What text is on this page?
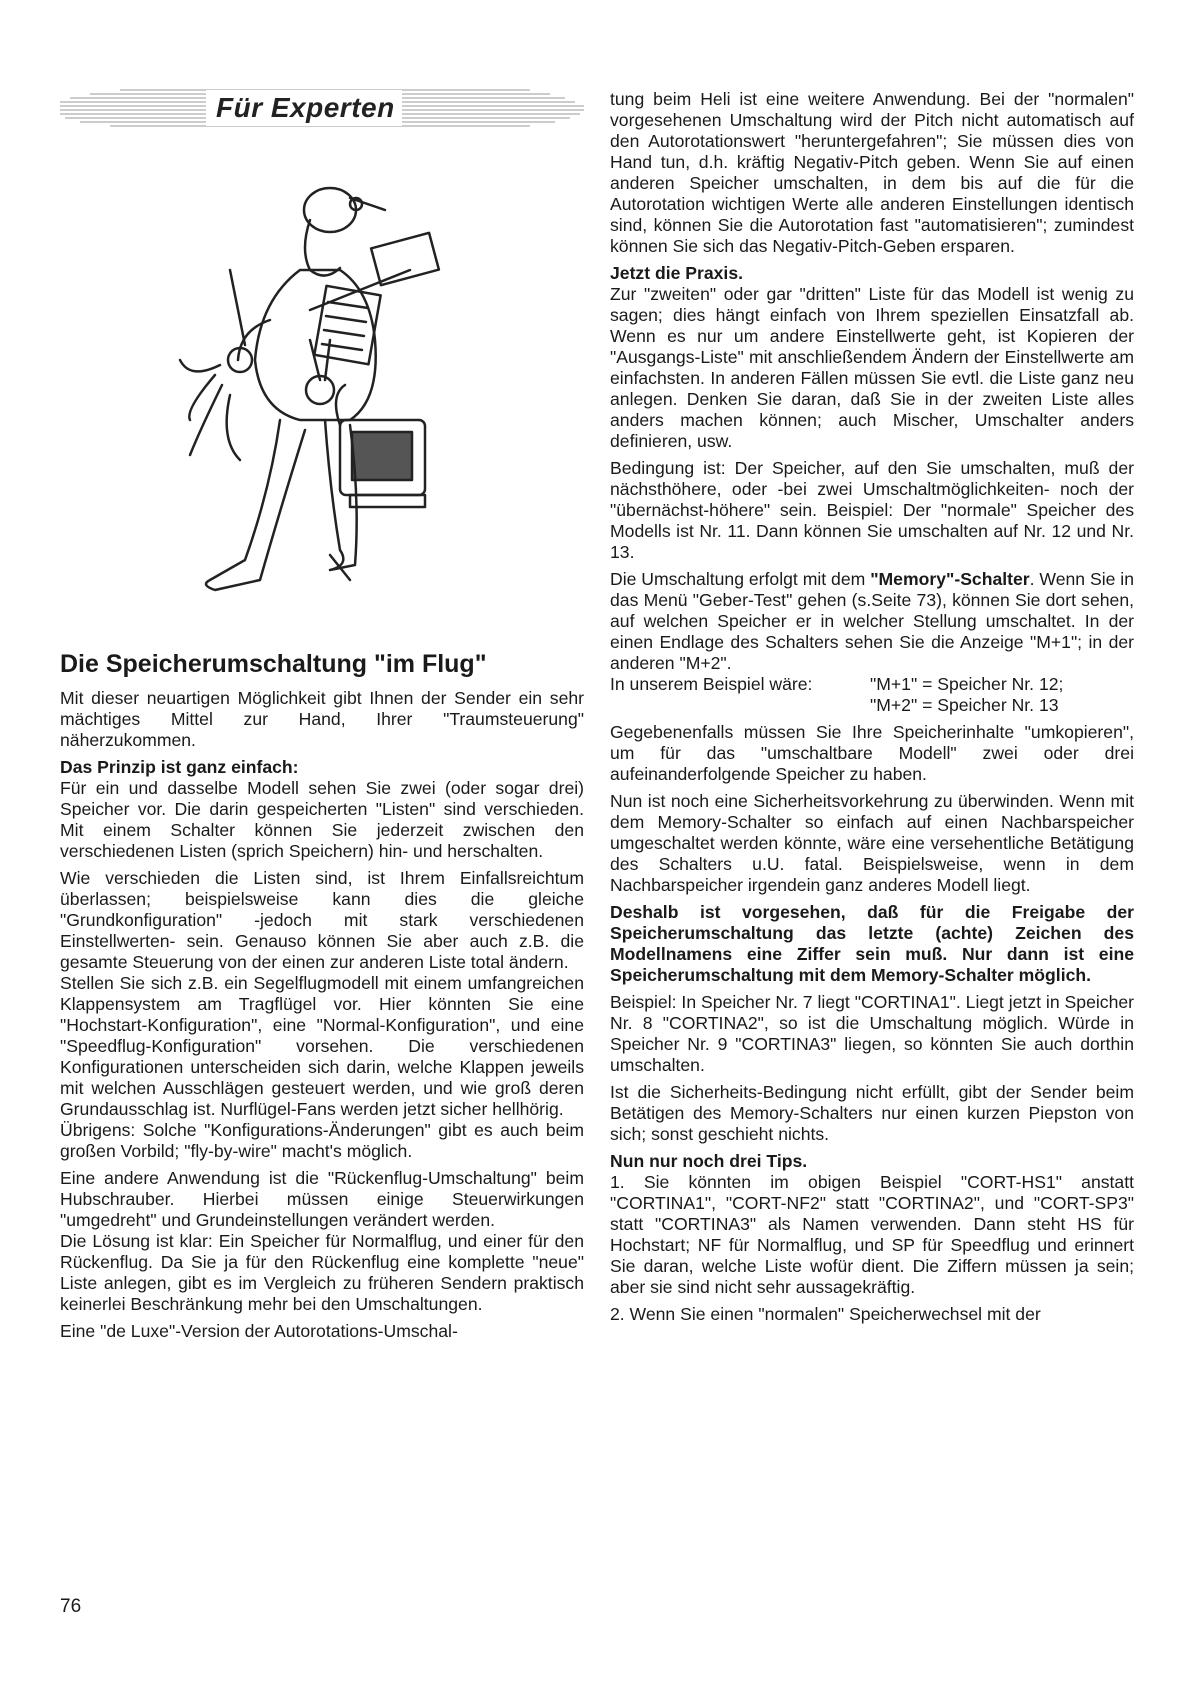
Für Experten
Die Speicherumschaltung "im Flug"

Mit dieser neuartigen Möglichkeit gibt Ihnen der Sender ein sehr mächtiges Mittel zur Hand, Ihrer "Traumsteuerung" näherzukommen.

Das Prinzip ist ganz einfach:

Für ein und dasselbe Modell sehen Sie zwei (oder sogar drei) Speicher vor. Die darin gespeicherten "Listen" sind verschieden. Mit einem Schalter können Sie jederzeit zwischen den verschiedenen Listen (sprich Speichern) hin- und herschalten.

Wie verschieden die Listen sind, ist Ihrem Einfallsreichtum überlassen; beispielsweise kann dies die gleiche "Grundkonfiguration" -jedoch mit stark verschiedenen Einstellwerten- sein. Genauso können Sie aber auch z.B. die gesamte Steuerung von der einen zur anderen Liste total ändern.

Stellen Sie sich z.B. ein Segelflugmodell mit einem umfangreichen Klappensystem am Tragflügel vor. Hier könnten Sie eine "Hochstart-Konfiguration", eine "Normal-Konfiguration", und eine "Speedflug-Konfiguration" vorsehen. Die verschiedenen Konfigurationen unterscheiden sich darin, welche Klappen jeweils mit welchen Ausschlägen gesteuert werden, und wie groß deren Grundausschlag ist. Nurflügel-Fans werden jetzt sicher hellhörig.

Übrigens: Solche "Konfigurations-Änderungen" gibt es auch beim großen Vorbild; "fly-by-wire" macht's möglich.

Eine andere Anwendung ist die "Rückenflug-Umschaltung" beim Hubschrauber. Hierbei müssen einige Steuerwirkungen "umgedreht" und Grundeinstellungen verändert werden.

Die Lösung ist klar: Ein Speicher für Normalflug, und einer für den Rückenflug. Da Sie ja für den Rückenflug eine komplette "neue" Liste anlegen, gibt es im Vergleich zu früheren Sendern praktisch keinerlei Beschränkung mehr bei den Umschaltungen.

Eine "de Luxe"-Version der Autorotations-Umschal-

tung beim Heli ist eine weitere Anwendung. Bei der "normalen" vorgesehenen Umschaltung wird der Pitch nicht automatisch auf den Autorotationswert "heruntergefahren"; Sie müssen dies von Hand tun, d.h. kräftig Negativ-Pitch geben. Wenn Sie auf einen anderen Speicher umschalten, in dem bis auf die für die Autorotation wichtigen Werte alle anderen Einstellungen identisch sind, können Sie die Autorotation fast "automatisieren"; zumindest können Sie sich das Negativ-Pitch-Geben ersparen.

Jetzt die Praxis.

Zur "zweiten" oder gar "dritten" Liste für das Modell ist wenig zu sagen; dies hängt einfach von Ihrem speziellen Einsatzfall ab. Wenn es nur um andere Einstellwerte geht, ist Kopieren der "Ausgangs-Liste" mit anschließendem Ändern der Einstellwerte am einfachsten. In anderen Fällen müssen Sie evtl. die Liste ganz neu anlegen. Denken Sie daran, daß Sie in der zweiten Liste alles anders machen können; auch Mischer, Umschalter anders definieren, usw.

Bedingung ist: Der Speicher, auf den Sie umschalten, muß der nächsthöhere, oder -bei zwei Umschaltmöglichkeiten- noch der "übernächst-höhere" sein. Beispiel: Der "normale" Speicher des Modells ist Nr. 11. Dann können Sie umschalten auf Nr. 12 und Nr. 13.

Die Umschaltung erfolgt mit dem "Memory"-Schalter. Wenn Sie in das Menü "Geber-Test" gehen (s.Seite 73), können Sie dort sehen, auf welchen Speicher er in welcher Stellung umschaltet. In der einen Endlage des Schalters sehen Sie die Anzeige "M+1"; in der anderen "M+2".

In unserem Beispiel wäre:	"M+1" = Speicher Nr. 12;
"M+2" = Speicher Nr. 13

Gegebenenfalls müssen Sie Ihre Speicherinhalte "umkopieren", um für das "umschaltbare Modell" zwei oder drei aufeinanderfolgende Speicher zu haben.

Nun ist noch eine Sicherheitsvorkehrung zu überwinden. Wenn mit dem Memory-Schalter so einfach auf einen Nachbarspeicher umgeschaltet werden könnte, wäre eine versehentliche Betätigung des Schalters u.U. fatal. Beispielsweise, wenn in dem Nachbarspeicher irgendein ganz anderes Modell liegt.

Deshalb ist vorgesehen, daß für die Freigabe der Speicherumschaltung das letzte (achte) Zeichen des Modellnamens eine Ziffer sein muß. Nur dann ist eine Speicherumschaltung mit dem Memory-Schalter möglich.

Beispiel: In Speicher Nr. 7 liegt "CORTINA1". Liegt jetzt in Speicher Nr. 8 "CORTINA2", so ist die Umschaltung möglich. Würde in Speicher Nr. 9 "CORTINA3" liegen, so könnten Sie auch dorthin umschalten.

Ist die Sicherheits-Bedingung nicht erfüllt, gibt der Sender beim Betätigen des Memory-Schalters nur einen kurzen Piepston von sich; sonst geschieht nichts.

Nun nur noch drei Tips.

1. Sie könnten im obigen Beispiel "CORT-HS1" anstatt "CORTINA1", "CORT-NF2" statt "CORTINA2", und "CORT-SP3" statt "CORTINA3" als Namen verwenden. Dann steht HS für Hochstart; NF für Normalflug, und SP für Speedflug und erinnert Sie daran, welche Liste wofür dient. Die Ziffern müssen ja sein; aber sie sind nicht sehr aussagekräftig.

2. Wenn Sie einen "normalen" Speicherwechsel mit der

76
